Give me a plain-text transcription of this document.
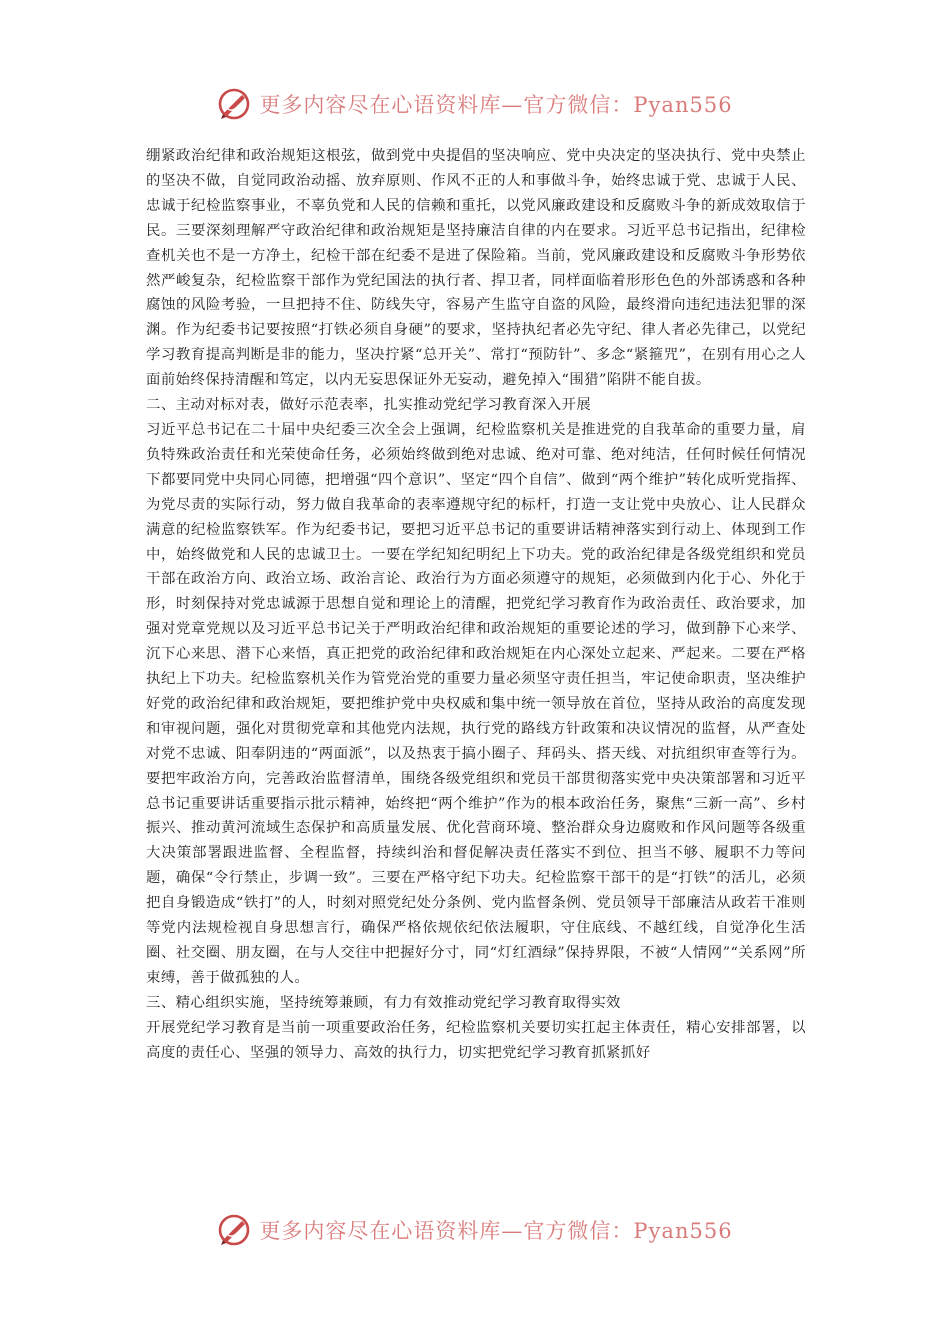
更多内容尽在心语资料库—官方微信：Pyan556

绷紧政治纪律和政治规矩这根弦，做到党中央提倡的坚决响应、党中央决定的坚决执行、党中央禁止的坚决不做，自觉同政治动摇、放弃原则、作风不正的人和事做斗争，始终忠诚于党、忠诚于人民、忠诚于纪检监察事业，不辜负党和人民的信赖和重托，以党风廉政建设和反腐败斗争的新成效取信于民。三要深刻理解严守政治纪律和政治规矩是坚持廉洁自律的内在要求。习近平总书记指出，纪律检查机关也不是一方净土，纪检干部在纪委不是进了保险箱。当前，党风廉政建设和反腐败斗争形势依然严峻复杂，纪检监察干部作为党纪国法的执行者、捍卫者，同样面临着形形色色的外部诱惑和各种腐蚀的风险考验，一旦把持不住、防线失守，容易产生监守自盗的风险，最终滑向违纪违法犯罪的深渊。作为纪委书记要按照“打铁必须自身硬”的要求，坚持执纪者必先守纪、律人者必先律己，以党纪学习教育提高判断是非的能力，坚决拧紧“总开关”、常打“预防针”、多念“紧箍咒”，在别有用心之人面前始终保持清醒和笃定，以内无妄思保证外无妄动，避免掉入“围猎”陷阱不能自拔。

二、主动对标对表，做好示范表率，扎实推动党纪学习教育深入开展

习近平总书记在二十届中央纪委三次全会上强调，纪检监察机关是推进党的自我革命的重要力量，肩负特殊政治责任和光荣使命任务，必须始终做到绝对忠诚、绝对可靠、绝对纯洁，任何时候任何情况下都要同党中央同心同德，把增强“四个意识”、坚定“四个自信”、做到“两个维护”转化成听党指挥、为党尽责的实际行动，努力做自我革命的表率遵规守纪的标杆，打造一支让党中央放心、让人民群众满意的纪检监察铁军。作为纪委书记，要把习近平总书记的重要讲话精神落实到行动上、体现到工作中，始终做党和人民的忠诚卫士。一要在学纪知纪明纪上下功夫。党的政治纪律是各级党组织和党员干部在政治方向、政治立场、政治言论、政治行为方面必须遵守的规矩，必须做到内化于心、外化于形，时刻保持对党忠诚源于思想自觉和理论上的清醒，把党纪学习教育作为政治责任、政治要求，加强对党章党规以及习近平总书记关于严明政治纪律和政治规矩的重要论述的学习，做到静下心来学、沉下心来思、潜下心来悟，真正把党的政治纪律和政治规矩在内心深处立起来、严起来。二要在严格执纪上下功夫。纪检监察机关作为管党治党的重要力量必须坚守责任担当，牢记使命职责，坚决维护好党的政治纪律和政治规矩，要把维护党中央权威和集中统一领导放在首位，坚持从政治的高度发现和审视问题，强化对贯彻党章和其他党内法规，执行党的路线方针政策和决议情况的监督，从严查处对党不忠诚、阳奉阴违的“两面派”，以及热衷于搞小圈子、拜码头、搭天线、对抗组织审查等行为。要把牢政治方向，完善政治监督清单，围绕各级党组织和党员干部贯彻落实党中央决策部署和习近平总书记重要讲话重要指示批示精神，始终把“两个维护”作为的根本政治任务，聚焦“三新一高”、乡村振兴、推动黄河流域生态保护和高质量发展、优化营商环境、整治群众身边腐败和作风问题等各级重大决策部署跟进监督、全程监督，持续纠治和督促解决责任落实不到位、担当不够、履职不力等问题，确保“令行禁止，步调一致”。三要在严格守纪下功夫。纪检监察干部干的是“打铁”的活儿，必须把自身锻造成“铁打”的人，时刻对照党纪处分条例、党内监督条例、党员领导干部廉洁从政若干准则等党内法规检视自身思想言行，确保严格依规依纪依法履职，守住底线、不越红线，自觉净化生活圈、社交圈、朋友圈，在与人交往中把握好分寸，同“灯红酒绿”保持界限，不被“人情网”“关系网”所束缚，善于做孤独的人。

三、精心组织实施，坚持统筹兼顾，有力有效推动党纪学习教育取得实效

开展党纪学习教育是当前一项重要政治任务，纪检监察机关要切实扛起主体责任，精心安排部署，以高度的责任心、坚强的领导力、高效的执行力，切实把党纪学习教育抓紧抓好

更多内容尽在心语资料库—官方微信：Pyan556
